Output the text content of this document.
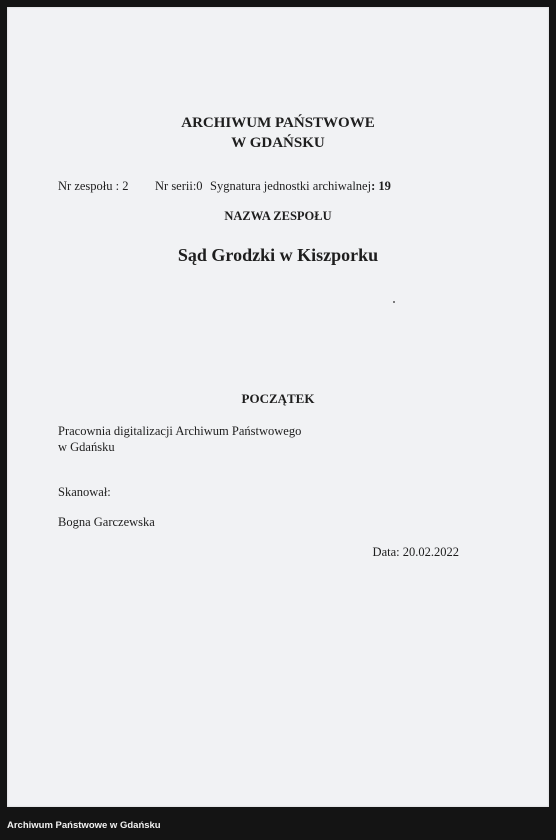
ARCHIWUM PAŃSTWOWE

W GDAŃSKU

Nr zespołu : 2 Nr serii:0 Sygnatura jednostki archiwalnej: 19

NAZWA ZESPOŁU

Sąd Grodzki w Kiszporku

POCZĄTEK

Pracownia digitalizacji Archiwum Państwowego

w Gdańsku

Skanował:

Bogna Garczewska

Data: 20.02.2022

Archiwum Państwowe w Gdańsku
